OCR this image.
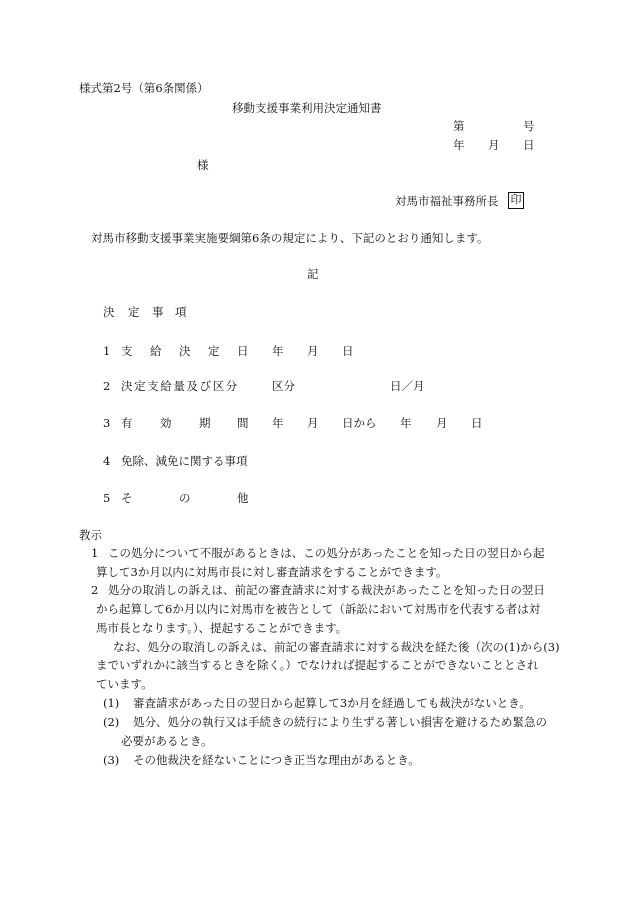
様式第2号（第6条関係）
移動支援事業利用決定通知書
第	号
年 月 日
様
対馬市福祉事務所長 印
対馬市移動支援事業実施要綱第6条の規定により、下記のとおり通知します。
記
決 定 事 項
1 支 給 決 定 日 年 月 日
2 決定支給量及び区分	区分	日／月
3 有 効 期 間 年 月 日から 年 月 日
4 免除、減免に関する事項
5 そ	の	他
教示
1 この処分について不服があるときは、この処分があったことを知った日の翌日から起
算して3か月以内に対馬市長に対し審査請求をすることができます。
2 処分の取消しの訴えは、前記の審査請求に対する裁決があったことを知った日の翌日
から起算して6か月以内に対馬市を被告として（訴訟において対馬市を代表する者は対
馬市長となります。）、提起することができます。
なお、処分の取消しの訴えは、前記の審査請求に対する裁決を経た後（次の(1)から(3)
までいずれかに該当するときを除く。）でなければ提起することができないこととされ
ています。
(1) 審査請求があった日の翌日から起算して3か月を経過しても裁決がないとき。
(2) 処分、処分の執行又は手続きの続行により生ずる著しい損害を避けるため緊急の
必要があるとき。
(3) その他裁決を経ないことにつき正当な理由があるとき。
